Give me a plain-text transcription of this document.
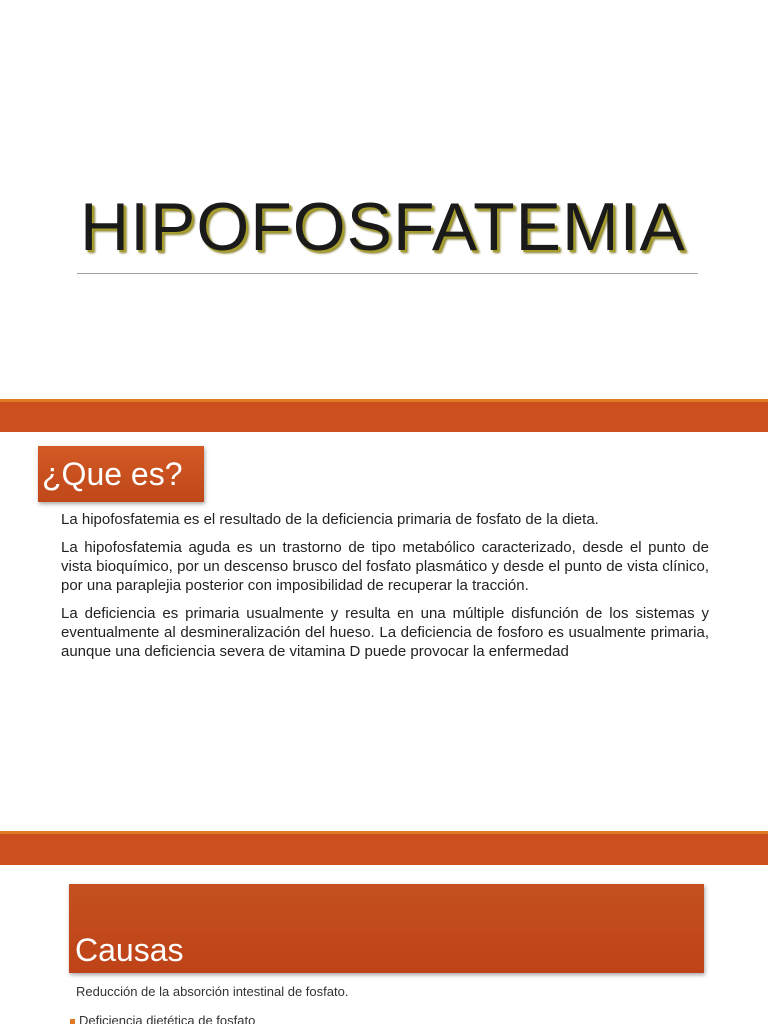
HIPOFOSFATEMIA
¿Que es?

La hipofosfatemia es el resultado de la deficiencia primaria de fosfato de la dieta.

La hipofosfatemia aguda es un trastorno de tipo metabólico caracterizado, desde el punto de vista bioquímico, por un descenso brusco del fosfato plasmático y desde el punto de vista clínico, por una paraplejia posterior con imposibilidad de recuperar la tracción.

La deficiencia es primaria usualmente y resulta en una múltiple disfunción de los sistemas y eventualmente al desmineralización del hueso. La deficiencia de fosforo es usualmente primaria, aunque una deficiencia severa de vitamina D puede provocar la enfermedad

Causas
Reducción de la absorción intestinal de fosfato.
Deficiencia dietética de fosfato
